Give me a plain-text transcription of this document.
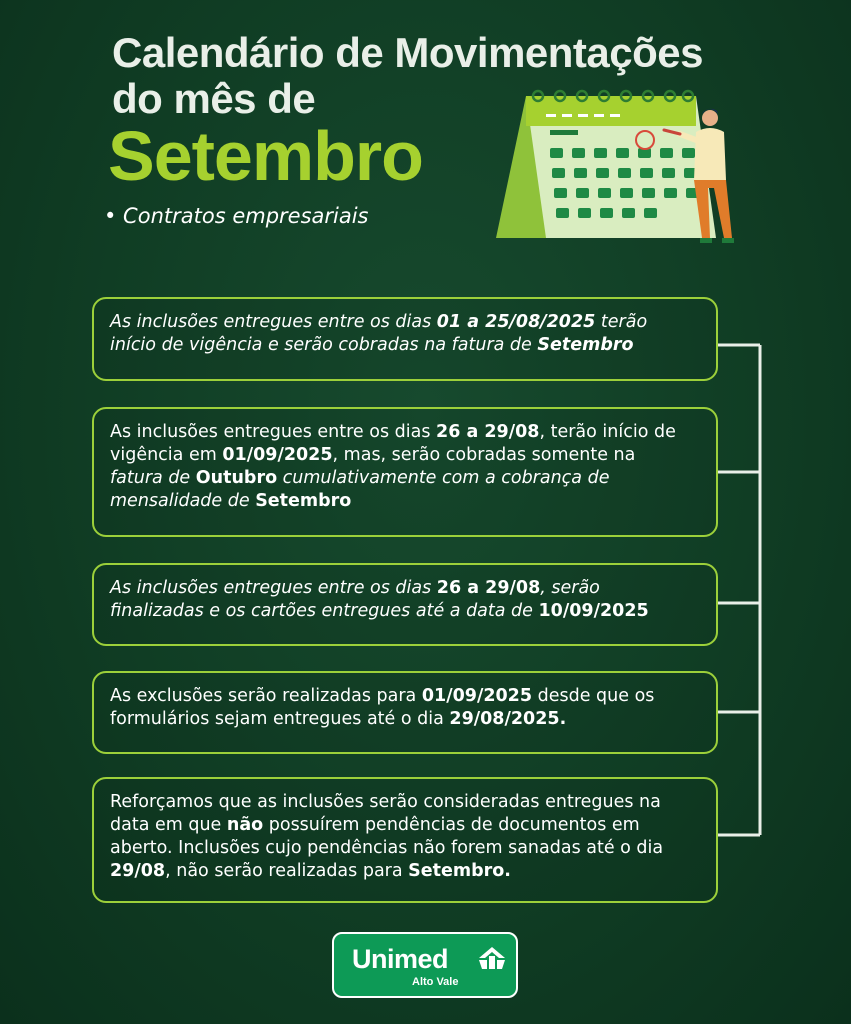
Calendário de Movimentações
do mês de
Setembro
• Contratos empresariais
As inclusões entregues entre os dias 01 a 25/08/2025 terão
início de vigência e serão cobradas na fatura de Setembro
As inclusões entregues entre os dias 26 a 29/08, terão início de
vigência em 01/09/2025, mas, serão cobradas somente na
fatura de Outubro cumulativamente com a cobrança de
mensalidade de Setembro
As inclusões entregues entre os dias 26 a 29/08, serão
finalizadas e os cartões entregues até a data de 10/09/2025
As exclusões serão realizadas para 01/09/2025 desde que os
formulários sejam entregues até o dia 29/08/2025.
Reforçamos que as inclusões serão consideradas entregues na
data em que não possuírem pendências de documentos em
aberto. Inclusões cujo pendências não forem sanadas até o dia
29/08, não serão realizadas para Setembro.
Unimed
Alto Vale
